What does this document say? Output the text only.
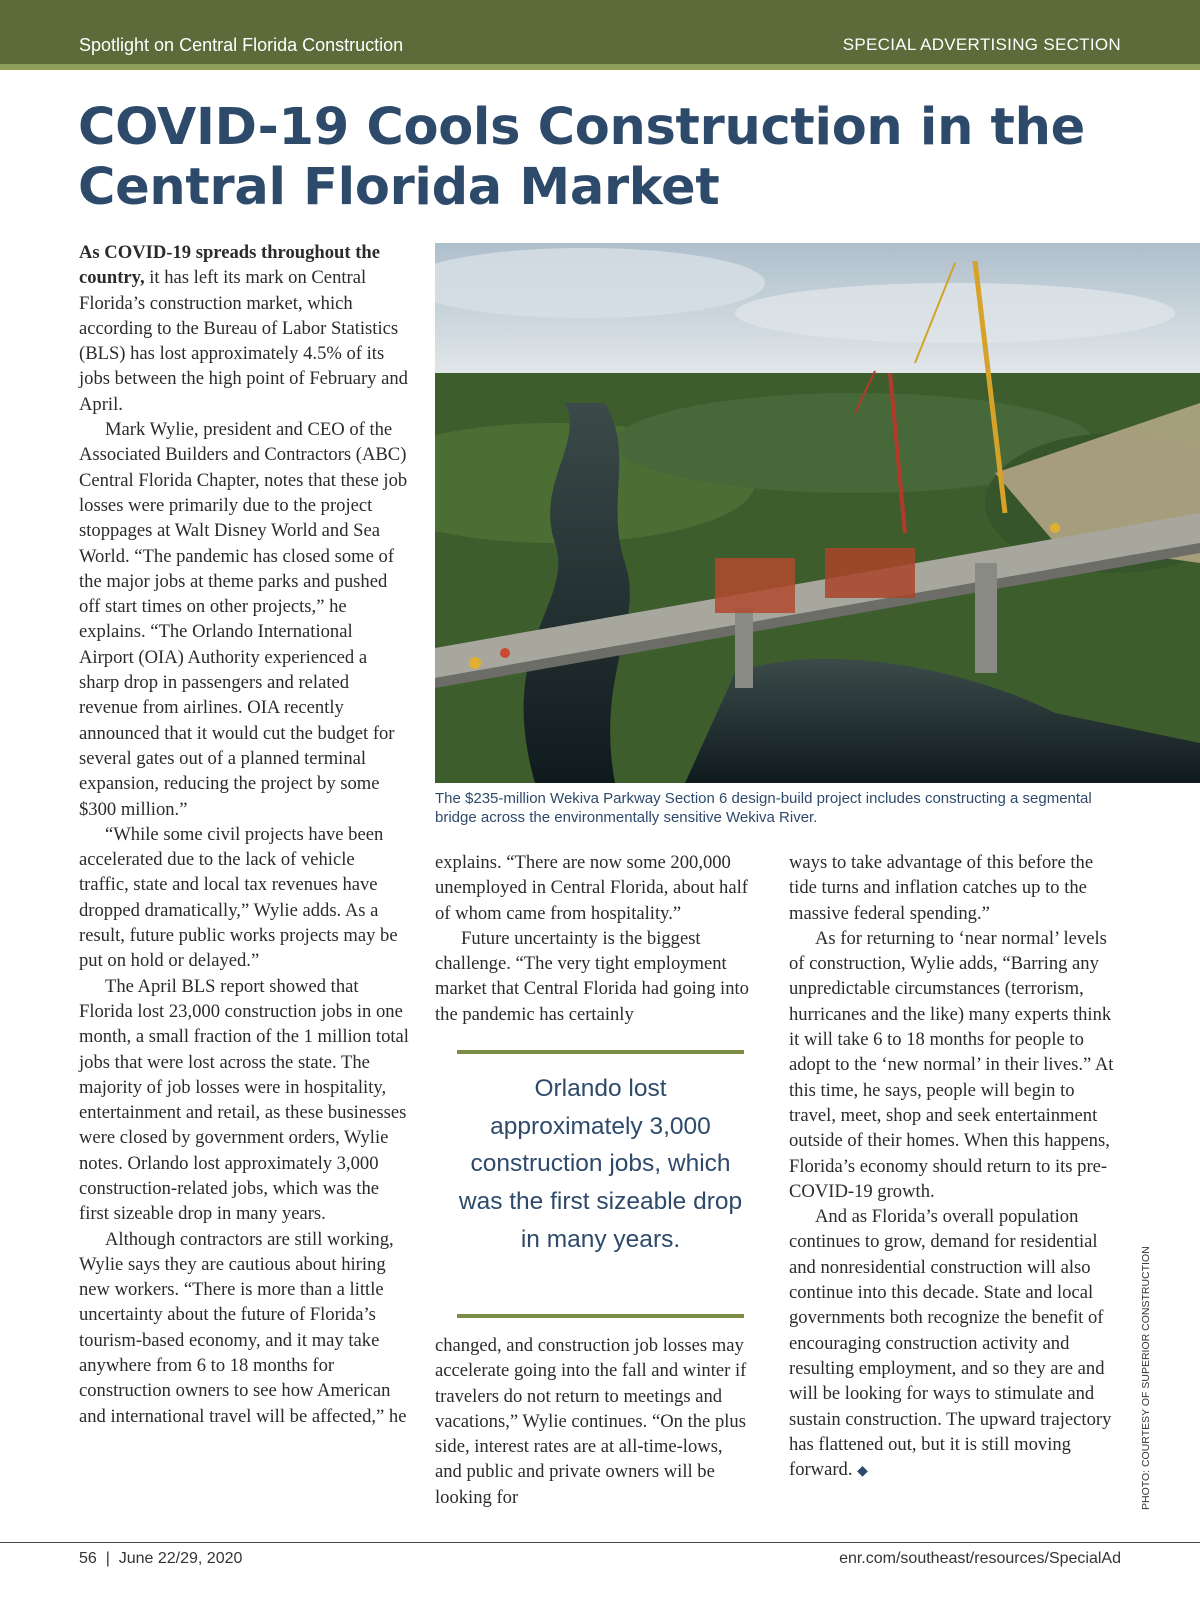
Spotlight on Central Florida Construction	SPECIAL ADVERTISING SECTION
COVID-19 Cools Construction in the Central Florida Market

As COVID-19 spreads throughout the country, it has left its mark on Central Florida’s construction market, which according to the Bureau of Labor Statistics (BLS) has lost approximately 4.5% of its jobs between the high point of February and April.

Mark Wylie, president and CEO of the Associated Builders and Contractors (ABC) Central Florida Chapter, notes that these job losses were primarily due to the project stoppages at Walt Disney World and Sea World. “The pandemic has closed some of the major jobs at theme parks and pushed off start times on other projects,” he explains. “The Orlando International Airport (OIA) Authority experienced a sharp drop in passengers and related revenue from airlines. OIA recently announced that it would cut the budget for several gates out of a planned terminal expansion, reducing the project by some $300 million.”

“While some civil projects have been accelerated due to the lack of vehicle traffic, state and local tax revenues have dropped dramatically,” Wylie adds. As a result, future public works projects may be put on hold or delayed.”

The April BLS report showed that Florida lost 23,000 construction jobs in one month, a small fraction of the 1 million total jobs that were lost across the state. The majority of job losses were in hospitality, entertainment and retail, as these businesses were closed by government orders, Wylie notes. Orlando lost approximately 3,000 construction-related jobs, which was the first sizeable drop in many years.

Although contractors are still working, Wylie says they are cautious about hiring new workers. “There is more than a little uncertainty about the future of Florida’s tourism-based economy, and it may take anywhere from 6 to 18 months for construction owners to see how American and international travel will be affected,” he

The $235-million Wekiva Parkway Section 6 design-build project includes constructing a segmental bridge across the environmentally sensitive Wekiva River.

explains. “There are now some 200,000 unemployed in Central Florida, about half of whom came from hospitality.”

Future uncertainty is the biggest challenge. “The very tight employment market that Central Florida had going into the pandemic has certainly

Orlando lost approximately 3,000 construction jobs, which was the first sizeable drop in many years.

changed, and construction job losses may accelerate going into the fall and winter if travelers do not return to meetings and vacations,” Wylie continues. “On the plus side, interest rates are at all-time-lows, and public and private owners will be looking for

ways to take advantage of this before the tide turns and inflation catches up to the massive federal spending.”

As for returning to ‘near normal’ levels of construction, Wylie adds, “Barring any unpredictable circumstances (terrorism, hurricanes and the like) many experts think it will take 6 to 18 months for people to adopt to the ‘new normal’ in their lives.” At this time, he says, people will begin to travel, meet, shop and seek entertainment outside of their homes. When this happens, Florida’s economy should return to its pre-COVID-19 growth.

And as Florida’s overall population continues to grow, demand for residential and nonresidential construction will also continue into this decade. State and local governments both recognize the benefit of encouraging construction activity and resulting employment, and so they are and will be looking for ways to stimulate and sustain construction. The upward trajectory has flattened out, but it is still moving forward. ◆	PHOTO: COURTESY OF SUPERIOR CONSTRUCTION
56  |  June 22/29, 2020	enr.com/southeast/resources/SpecialAd
